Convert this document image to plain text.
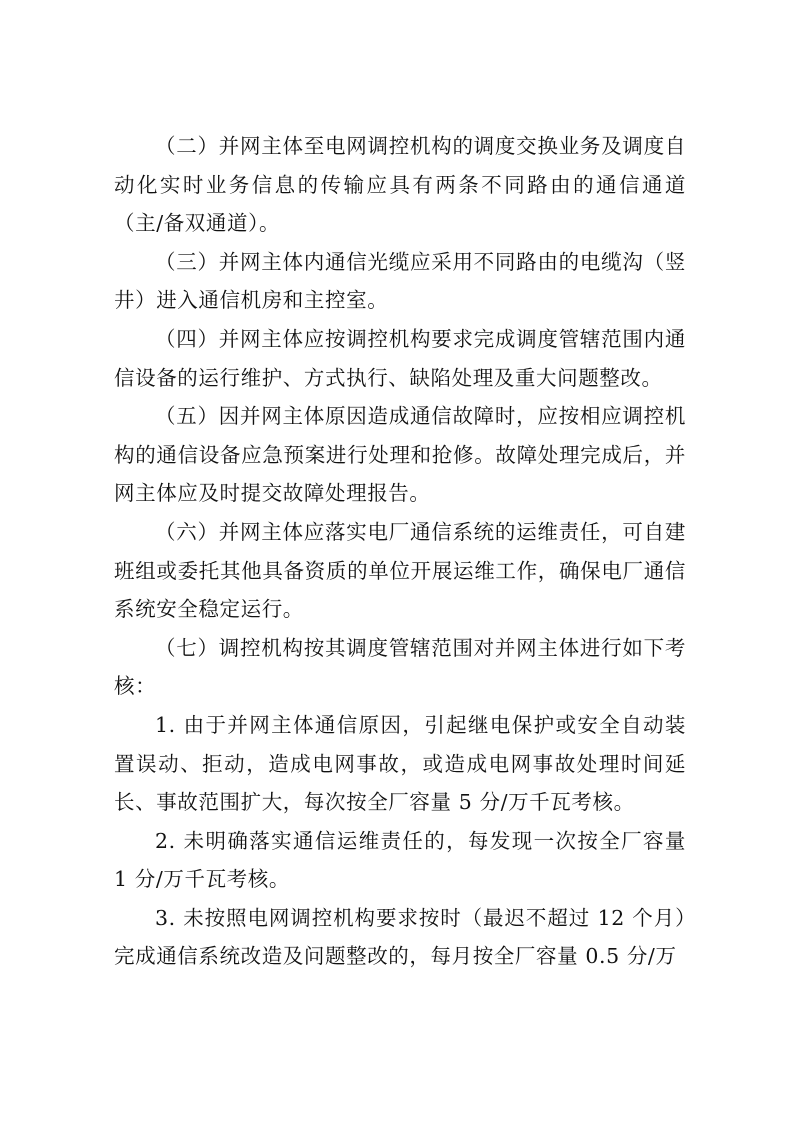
（二）并网主体至电网调控机构的调度交换业务及调度自动化实时业务信息的传输应具有两条不同路由的通信通道（主/备双通道）。

（三）并网主体内通信光缆应采用不同路由的电缆沟（竖井）进入通信机房和主控室。

（四）并网主体应按调控机构要求完成调度管辖范围内通信设备的运行维护、方式执行、缺陷处理及重大问题整改。

（五）因并网主体原因造成通信故障时，应按相应调控机构的通信设备应急预案进行处理和抢修。故障处理完成后，并网主体应及时提交故障处理报告。

（六）并网主体应落实电厂通信系统的运维责任，可自建班组或委托其他具备资质的单位开展运维工作，确保电厂通信系统安全稳定运行。

（七）调控机构按其调度管辖范围对并网主体进行如下考核：

1. 由于并网主体通信原因，引起继电保护或安全自动装置误动、拒动，造成电网事故，或造成电网事故处理时间延长、事故范围扩大，每次按全厂容量 5 分/万千瓦考核。

2. 未明确落实通信运维责任的，每发现一次按全厂容量 1 分/万千瓦考核。

3. 未按照电网调控机构要求按时（最迟不超过 12 个月）完成通信系统改造及问题整改的，每月按全厂容量 0.5 分/万
